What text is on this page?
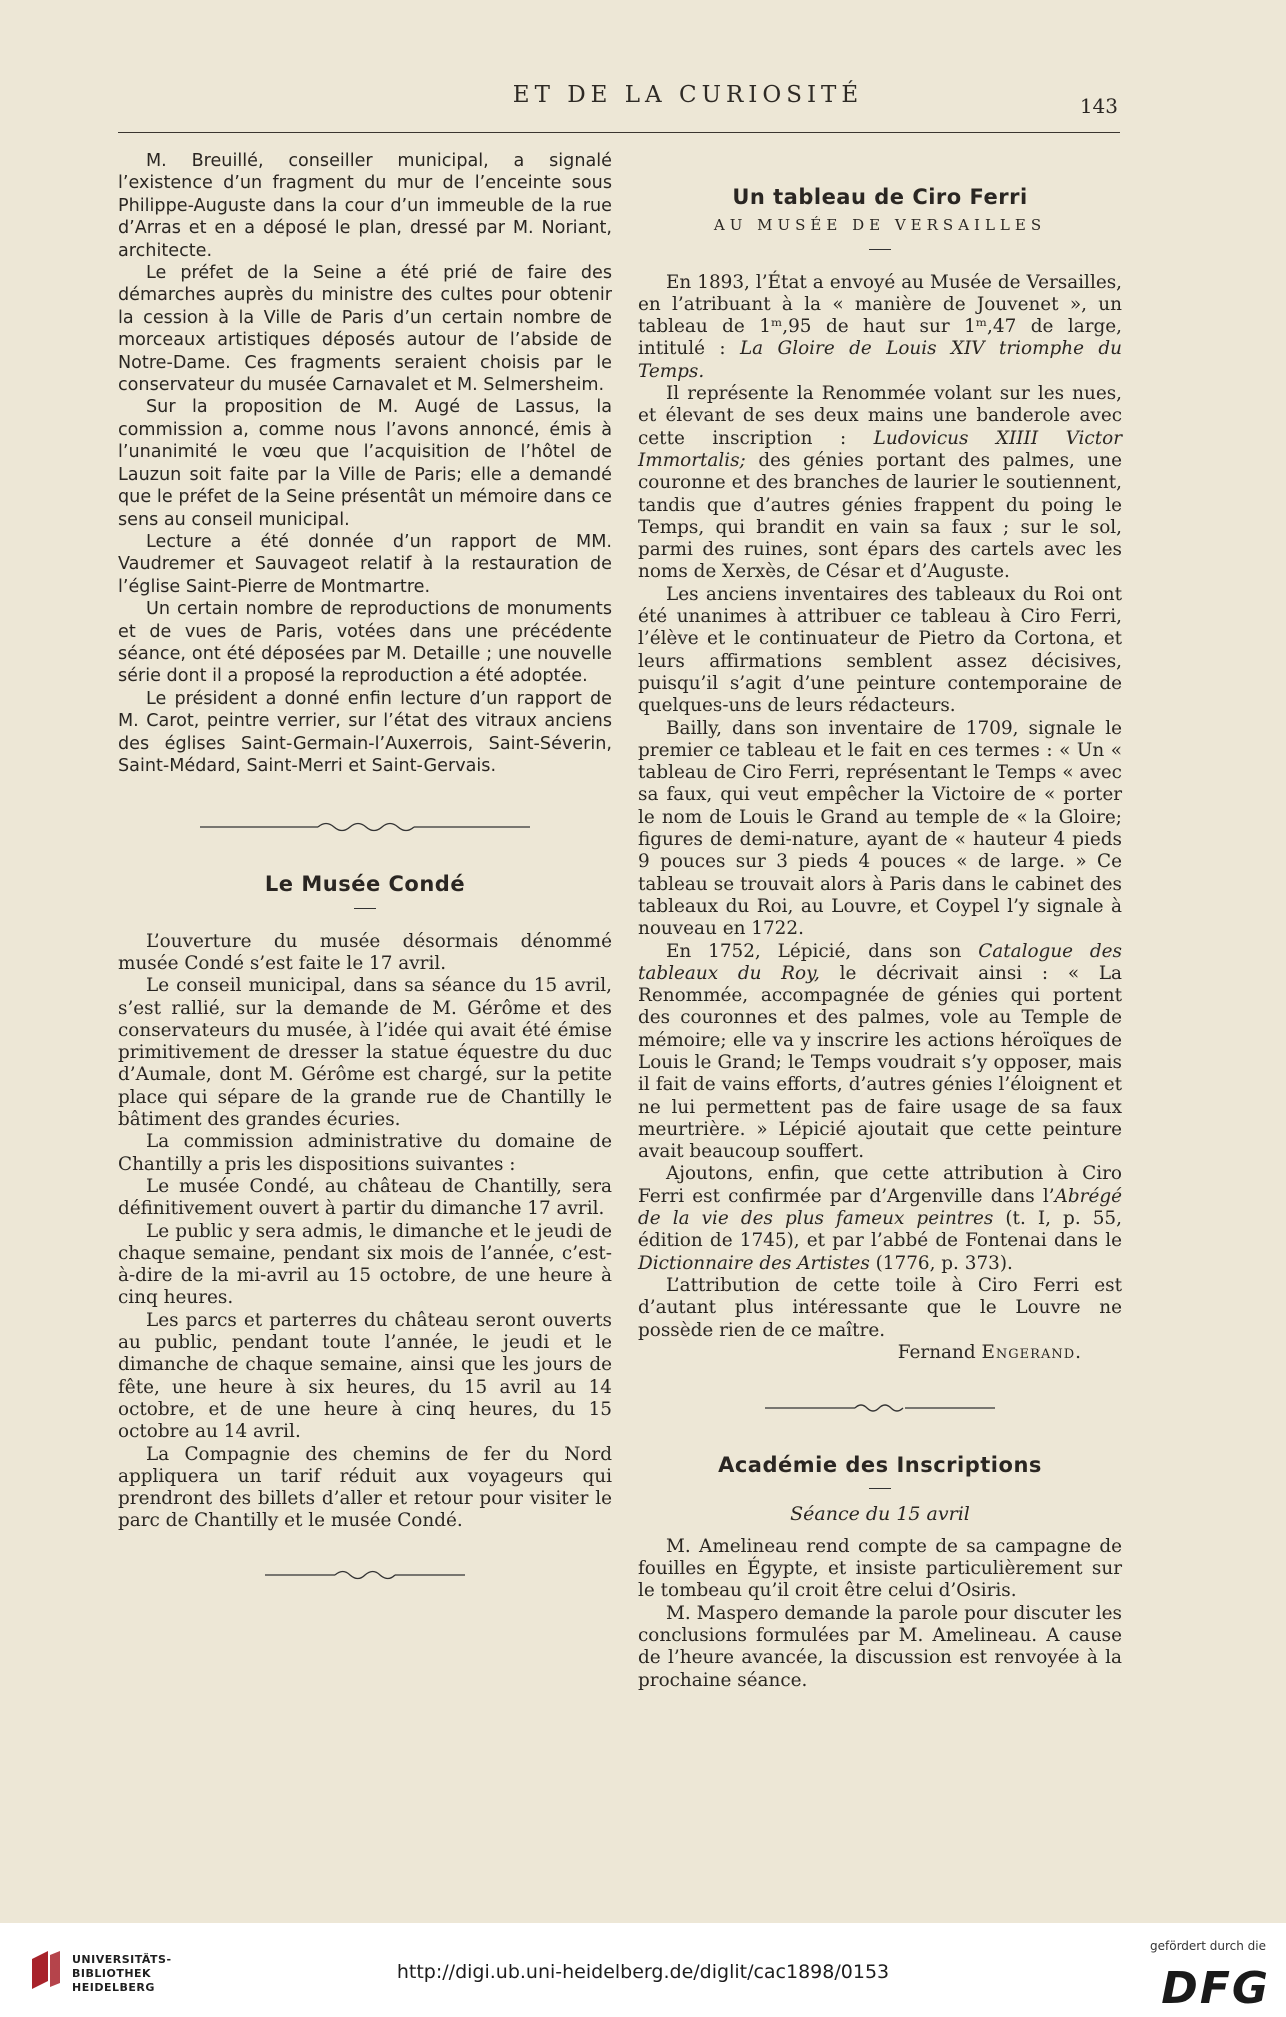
ET DE LA CURIOSITÉ	143

M. Breuillé, conseiller municipal, a signalé l’existence d’un fragment du mur de l’enceinte sous Philippe-Auguste dans la cour d’un immeuble de la rue d’Arras et en a déposé le plan, dressé par M. Noriant, architecte.

Le préfet de la Seine a été prié de faire des démarches auprès du ministre des cultes pour obtenir la cession à la Ville de Paris d’un certain nombre de morceaux artistiques déposés autour de l’abside de Notre-Dame. Ces fragments seraient choisis par le conservateur du musée Carnavalet et M. Selmersheim.

Sur la proposition de M. Augé de Lassus, la commission a, comme nous l’avons annoncé, émis à l’unanimité le vœu que l’acquisition de l’hôtel de Lauzun soit faite par la Ville de Paris; elle a demandé que le préfet de la Seine présentât un mémoire dans ce sens au conseil municipal.

Lecture a été donnée d’un rapport de MM. Vaudremer et Sauvageot relatif à la restauration de l’église Saint-Pierre de Montmartre.

Un certain nombre de reproductions de monuments et de vues de Paris, votées dans une précédente séance, ont été déposées par M. Detaille ; une nouvelle série dont il a proposé la reproduction a été adoptée.

Le président a donné enfin lecture d’un rapport de M. Carot, peintre verrier, sur l’état des vitraux anciens des églises Saint-Germain-l’Auxerrois, Saint-Séverin, Saint-Médard, Saint-Merri et Saint-Gervais.

Le Musée Condé

L’ouverture du musée désormais dénommé musée Condé s’est faite le 17 avril.

Le conseil municipal, dans sa séance du 15 avril, s’est rallié, sur la demande de M. Gérôme et des conservateurs du musée, à l’idée qui avait été émise primitivement de dresser la statue équestre du duc d’Aumale, dont M. Gérôme est chargé, sur la petite place qui sépare de la grande rue de Chantilly le bâtiment des grandes écuries.

La commission administrative du domaine de Chantilly a pris les dispositions suivantes :

Le musée Condé, au château de Chantilly, sera définitivement ouvert à partir du dimanche 17 avril.

Le public y sera admis, le dimanche et le jeudi de chaque semaine, pendant six mois de l’année, c’est-à-dire de la mi-avril au 15 octobre, de une heure à cinq heures.

Les parcs et parterres du château seront ouverts au public, pendant toute l’année, le jeudi et le dimanche de chaque semaine, ainsi que les jours de fête, une heure à six heures, du 15 avril au 14 octobre, et de une heure à cinq heures, du 15 octobre au 14 avril.

La Compagnie des chemins de fer du Nord appliquera un tarif réduit aux voyageurs qui prendront des billets d’aller et retour pour visiter le parc de Chantilly et le musée Condé.

Un tableau de Ciro Ferri
AU MUSÉE DE VERSAILLES

En 1893, l’État a envoyé au Musée de Versailles, en l’atribuant à la « manière de Jouvenet », un tableau de 1ᵐ,95 de haut sur 1ᵐ,47 de large, intitulé : La Gloire de Louis XIV triomphe du Temps.

Il représente la Renommée volant sur les nues, et élevant de ses deux mains une banderole avec cette inscription : Ludovicus XIIII Victor Immortalis; des génies portant des palmes, une couronne et des branches de laurier le soutiennent, tandis que d’autres génies frappent du poing le Temps, qui brandit en vain sa faux ; sur le sol, parmi des ruines, sont épars des cartels avec les noms de Xerxès, de César et d’Auguste.

Les anciens inventaires des tableaux du Roi ont été unanimes à attribuer ce tableau à Ciro Ferri, l’élève et le continuateur de Pietro da Cortona, et leurs affirmations semblent assez décisives, puisqu’il s’agit d’une peinture contemporaine de quelques-uns de leurs rédacteurs.

Bailly, dans son inventaire de 1709, signale le premier ce tableau et le fait en ces termes : « Un « tableau de Ciro Ferri, représentant le Temps « avec sa faux, qui veut empêcher la Victoire de « porter le nom de Louis le Grand au temple de « la Gloire; figures de demi-nature, ayant de « hauteur 4 pieds 9 pouces sur 3 pieds 4 pouces « de large. » Ce tableau se trouvait alors à Paris dans le cabinet des tableaux du Roi, au Louvre, et Coypel l’y signale à nouveau en 1722.

En 1752, Lépicié, dans son Catalogue des tableaux du Roy, le décrivait ainsi : « La Renommée, accompagnée de génies qui portent des couronnes et des palmes, vole au Temple de mémoire; elle va y inscrire les actions héroïques de Louis le Grand; le Temps voudrait s’y opposer, mais il fait de vains efforts, d’autres génies l’éloignent et ne lui permettent pas de faire usage de sa faux meurtrière. » Lépicié ajoutait que cette peinture avait beaucoup souffert.

Ajoutons, enfin, que cette attribution à Ciro Ferri est confirmée par d’Argenville dans l’Abrégé de la vie des plus fameux peintres (t. I, p. 55, édition de 1745), et par l’abbé de Fontenai dans le Dictionnaire des Artistes (1776, p. 373).

L’attribution de cette toile à Ciro Ferri est d’autant plus intéressante que le Louvre ne possède rien de ce maître.

Fernand Engerand.

Académie des Inscriptions
Séance du 15 avril

M. Amelineau rend compte de sa campagne de fouilles en Égypte, et insiste particulièrement sur le tombeau qu’il croit être celui d’Osiris.

M. Maspero demande la parole pour discuter les conclusions formulées par M. Amelineau. A cause de l’heure avancée, la discussion est renvoyée à la prochaine séance.

UNIVERSITÄTS-
BIBLIOTHEK
HEIDELBERG
http://digi.ub.uni-heidelberg.de/diglit/cac1898/0153
gefördert durch die
DFG
